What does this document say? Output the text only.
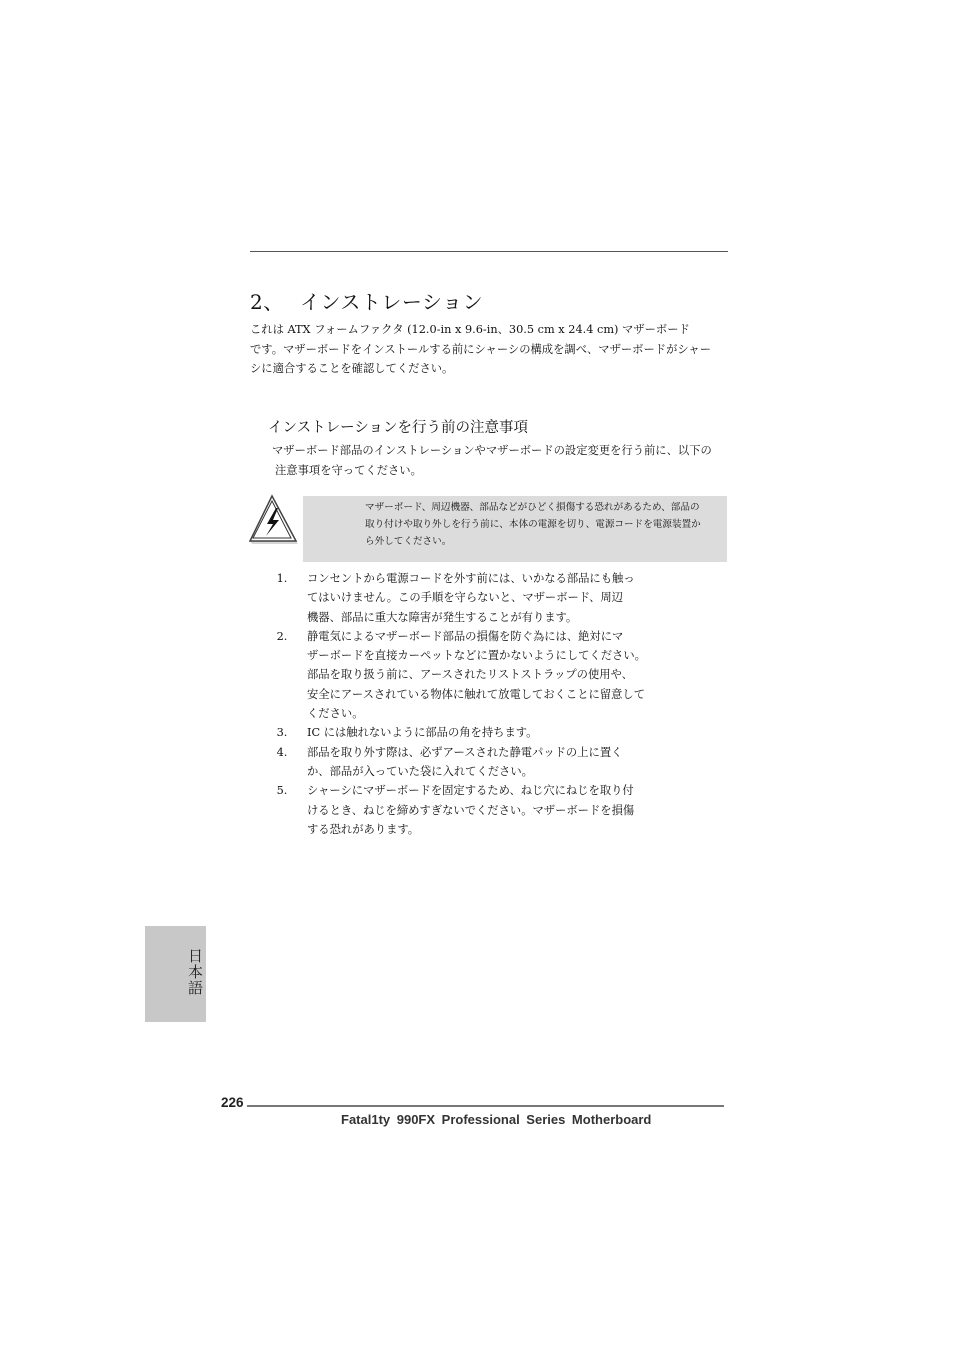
2、 インストレーション

これは ATX フォームファクタ (12.0-in x 9.6-in、30.5 cm x 24.4 cm) マザーボード

です。マザーボードをインストールする前にシャーシの構成を調べ、マザーボードがシャー

シに適合することを確認してください。

インストレーションを行う前の注意事項

マザーボード部品のインストレーションやマザーボードの設定変更を行う前に、以下の

注意事項を守ってください。

マザーボード、周辺機器、部品などがひどく損傷する恐れがあるため、部品の

取り付けや取り外しを行う前に、本体の電源を切り、電源コードを電源装置か

ら外してください。

1.	コンセントから電源コードを外す前には、いかなる部品にも触っ

てはいけません。この手順を守らないと、マザーボード、周辺

機器、部品に重大な障害が発生することが有ります。

2.	静電気によるマザーボード部品の損傷を防ぐ為には、絶対にマ

ザーボードを直接カーペットなどに置かないようにしてください。

部品を取り扱う前に、アースされたリストストラップの使用や、

安全にアースされている物体に触れて放電しておくことに留意して

ください。

3.	IC には触れないように部品の角を持ちます。

4.	部品を取り外す際は、必ずアースされた静電パッドの上に置く

か、部品が入っていた袋に入れてください。

5.	シャーシにマザーボードを固定するため、ねじ穴にねじを取り付

けるとき、ねじを締めすぎないでください。マザーボードを損傷

する恐れがあります。

日本語
226
Fatal1ty 990FX Professional Series Motherboard
